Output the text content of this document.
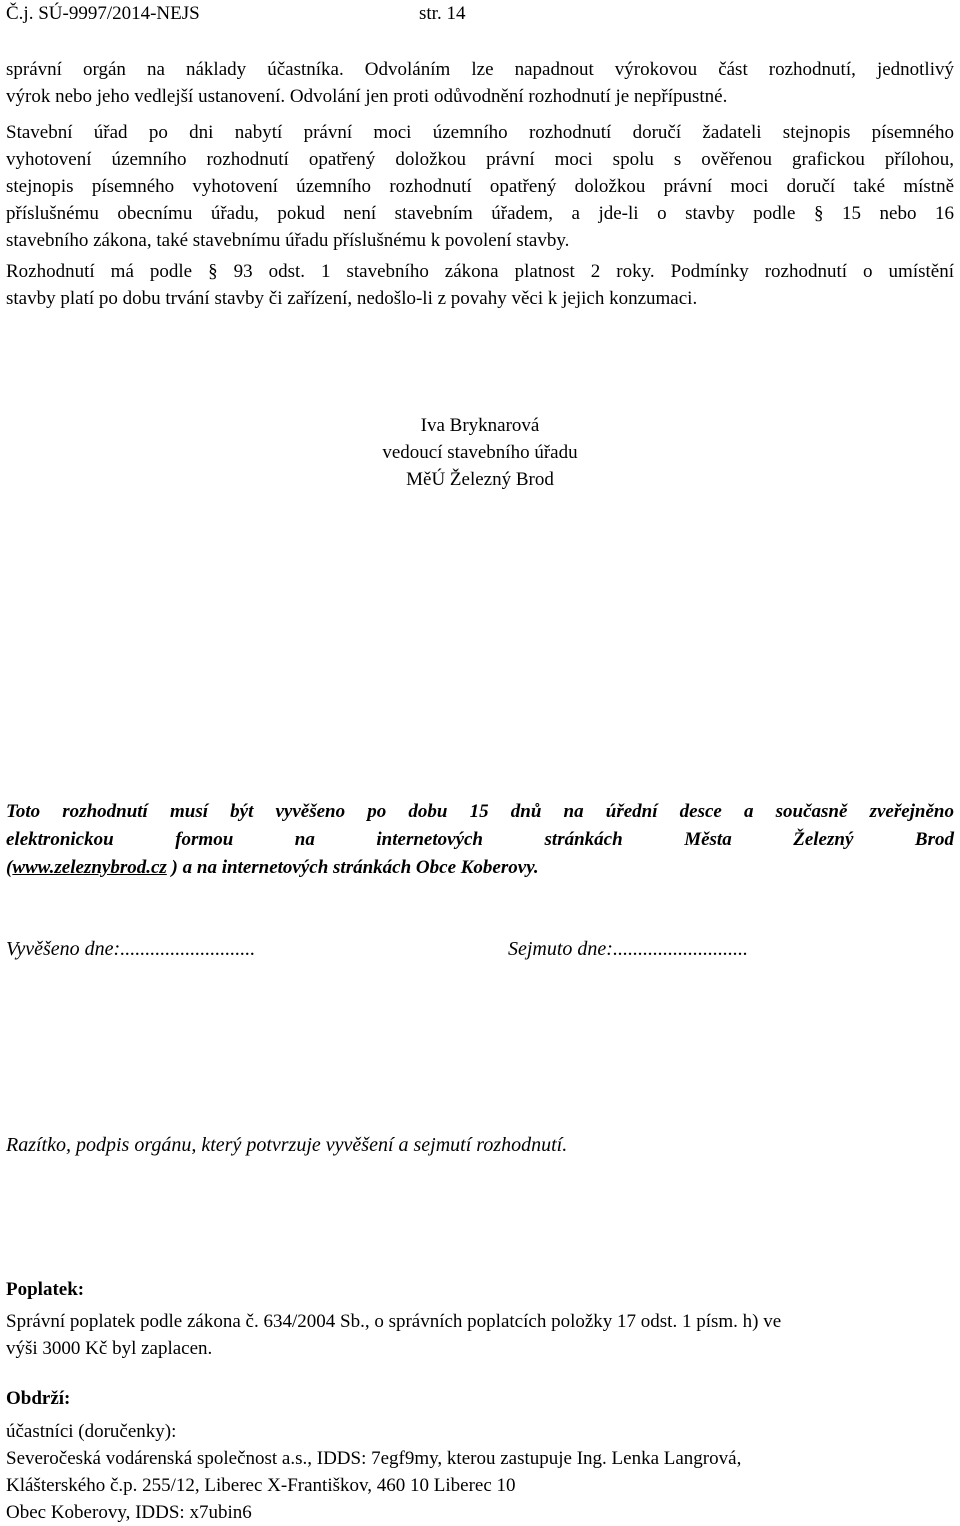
Č.j. SÚ-9997/2014-NEJS	str. 14
správní orgán na náklady účastníka. Odvoláním lze napadnout výrokovou část rozhodnutí, jednotlivý
výrok nebo jeho vedlejší ustanovení. Odvolání jen proti odůvodnění rozhodnutí je nepřípustné.
Stavební úřad po dni nabytí právní moci územního rozhodnutí doručí žadateli stejnopis písemného
vyhotovení územního rozhodnutí opatřený doložkou právní moci spolu s ověřenou grafickou přílohou,
stejnopis písemného vyhotovení územního rozhodnutí opatřený doložkou právní moci doručí také místně
příslušnému obecnímu úřadu, pokud není stavebním úřadem, a jde-li o stavby podle § 15 nebo 16
stavebního zákona, také stavebnímu úřadu příslušnému k povolení stavby.
Rozhodnutí má podle § 93 odst. 1 stavebního zákona platnost 2 roky. Podmínky rozhodnutí o umístění
stavby platí po dobu trvání stavby či zařízení, nedošlo-li z povahy věci k jejich konzumaci.
Iva Bryknarová
vedoucí stavebního úřadu
MěÚ Železný Brod
Toto rozhodnutí musí být vyvěšeno po dobu 15 dnů na úřední desce a současně zveřejněno
elektronickou formou na internetových stránkách Města Železný Brod
(www.zeleznybrod.cz ) a na internetových stránkách Obce Koberovy.
Vyvěšeno dne:...........................	Sejmuto dne:...........................
Razítko, podpis orgánu, který potvrzuje vyvěšení a sejmutí rozhodnutí.
Poplatek:
Správní poplatek podle zákona č. 634/2004 Sb., o správních poplatcích položky 17 odst. 1 písm. h) ve
výši 3000 Kč byl zaplacen.
Obdrží:
účastníci (doručenky):
Severočeská vodárenská společnost a.s., IDDS: 7egf9my, kterou zastupuje Ing. Lenka Langrová,
Klášterského č.p. 255/12, Liberec X-Františkov, 460 10 Liberec 10
Obec Koberovy, IDDS: x7ubin6
